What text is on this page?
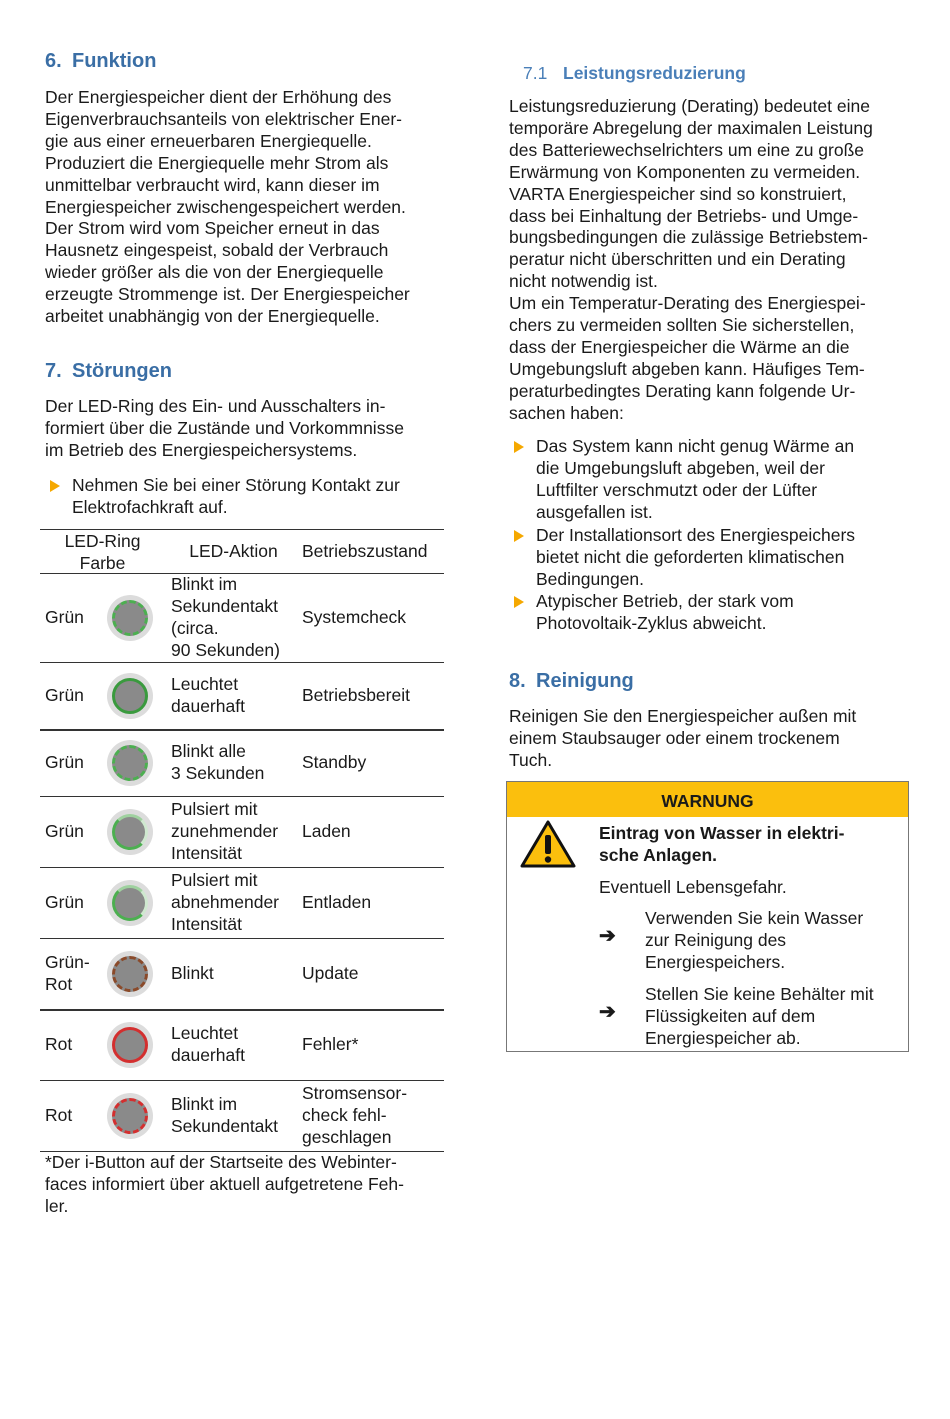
6. Funktion

Der Energiespeicher dient der Erhöhung des
Eigenverbrauchsanteils von elektrischer Ener-
gie aus einer erneuerbaren Energiequelle.
Produziert die Energiequelle mehr Strom als
unmittelbar verbraucht wird, kann dieser im
Energiespeicher zwischengespeichert werden.
Der Strom wird vom Speicher erneut in das
Hausnetz eingespeist, sobald der Verbrauch
wieder größer als die von der Energiequelle
erzeugte Strommenge ist. Der Energiespeicher
arbeitet unabhängig von der Energiequelle.

7. Störungen

Der LED-Ring des Ein- und Ausschalters in-
formiert über die Zustände und Vorkommnisse
im Betrieb des Energiespeichersystems.

Nehmen Sie bei einer Störung Kontakt zur
Elektrofachkraft auf.
LED-Ring
Farbe
LED-Aktion	Betriebszustand
Grün
Blinkt im
Sekundentakt
(circa.
90 Sekunden)
Systemcheck
Grün
Leuchtet
dauerhaft
Betriebsbereit
Grün
Blinkt alle
3 Sekunden
Standby
Grün
Pulsiert mit
zunehmender
Intensität
Laden
Grün
Pulsiert mit
abnehmender
Intensität
Entladen
Grün-
Rot
Blinkt	Update
Rot
Leuchtet
dauerhaft
Fehler*
Rot
Blinkt im
Sekundentakt
Stromsensor-
check fehl-
geschlagen

*Der i-Button auf der Startseite des Webinter-
faces informiert über aktuell aufgetretene Feh-
ler.

7.1 Leistungsreduzierung

Leistungsreduzierung (Derating) bedeutet eine
temporäre Abregelung der maximalen Leistung
des Batteriewechselrichters um eine zu große
Erwärmung von Komponenten zu vermeiden.
VARTA Energiespeicher sind so konstruiert,
dass bei Einhaltung der Betriebs- und Umge-
bungsbedingungen die zulässige Betriebstem-
peratur nicht überschritten und ein Derating
nicht notwendig ist.
Um ein Temperatur-Derating des Energiespei-
chers zu vermeiden sollten Sie sicherstellen,
dass der Energiespeicher die Wärme an die
Umgebungsluft abgeben kann. Häufiges Tem-
peraturbedingtes Derating kann folgende Ur-
sachen haben:

Das System kann nicht genug Wärme an
die Umgebungsluft abgeben, weil der
Luftfilter verschmutzt oder der Lüfter
ausgefallen ist.
Der Installationsort des Energiespeichers
bietet nicht die geforderten klimatischen
Bedingungen.
Atypischer Betrieb, der stark vom
Photovoltaik-Zyklus abweicht.
8. Reinigung

Reinigen Sie den Energiespeicher außen mit
einem Staubsauger oder einem trockenem
Tuch.

WARNUNG
Eintrag von Wasser in elektri-
sche Anlagen.
Eventuell Lebensgefahr.
➔
Verwenden Sie kein Wasser
zur Reinigung des
Energiespeichers.
➔
Stellen Sie keine Behälter mit
Flüssigkeiten auf dem
Energiespeicher ab.
